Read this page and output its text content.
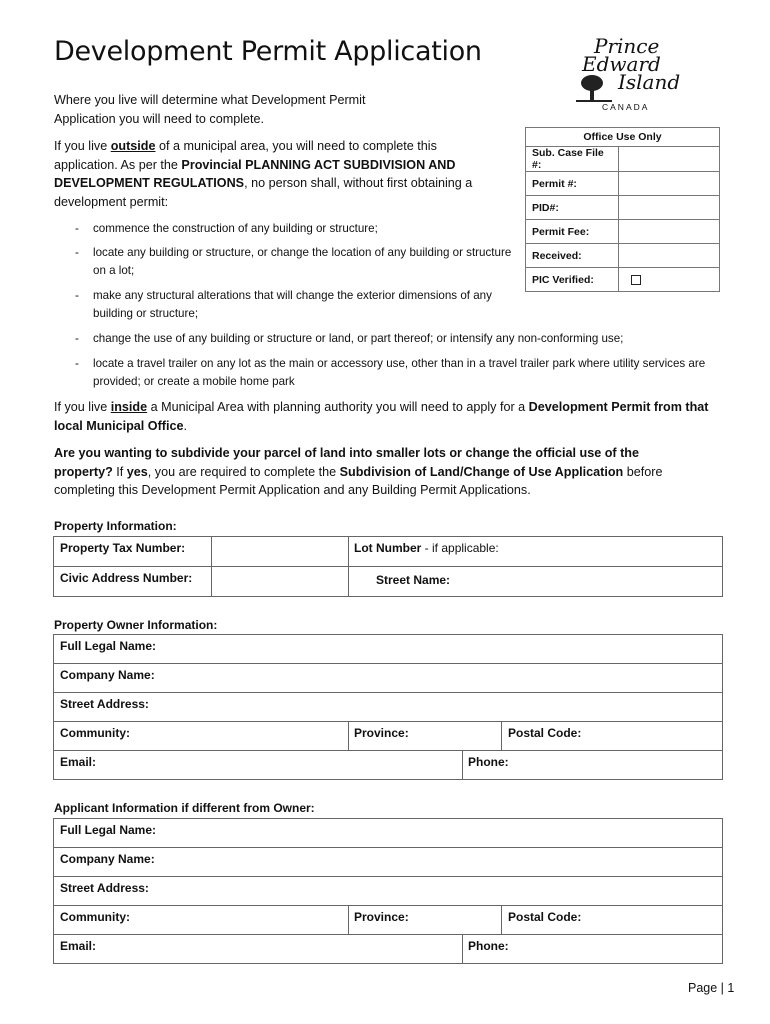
Development Permit Application	Prince
Edward
Island
CANADA
Where you live will determine what Development Permit Application you will need to complete.
If you live outside of a municipal area, you will need to complete this application. As per the Provincial PLANNING ACT SUBDIVISION AND DEVELOPMENT REGULATIONS, no person shall, without first obtaining a development permit:
- commence the construction of any building or structure;
- locate any building or structure, or change the location of any building or structure on a lot;
- make any structural alterations that will change the exterior dimensions of any building or structure;
- change the use of any building or structure or land, or part thereof; or intensify any non-conforming use;
- locate a travel trailer on any lot as the main or accessory use, other than in a travel trailer park where utility services are provided; or create a mobile home park
If you live inside a Municipal Area with planning authority you will need to apply for a Development Permit from that local Municipal Office.
Are you wanting to subdivide your parcel of land into smaller lots or change the official use of the property? If yes, you are required to complete the Subdivision of Land/Change of Use Application before completing this Development Permit Application and any Building Permit Applications.
Office Use Only	
Sub. Case File #:	
Permit #:	
PID#:	
Permit Fee:	
Received:	
PIC Verified:	
Property Information:
Property Tax Number:	Lot Number - if applicable:
Civic Address Number:	Street Name:
Property Owner Information:
Full Legal Name:
Company Name:
Street Address:
Community:	Province:	Postal Code:
Email:	Phone:
Applicant Information if different from Owner:
Full Legal Name:
Company Name:
Street Address:
Community:	Province:	Postal Code:
Email:	Phone:
Page | 1
